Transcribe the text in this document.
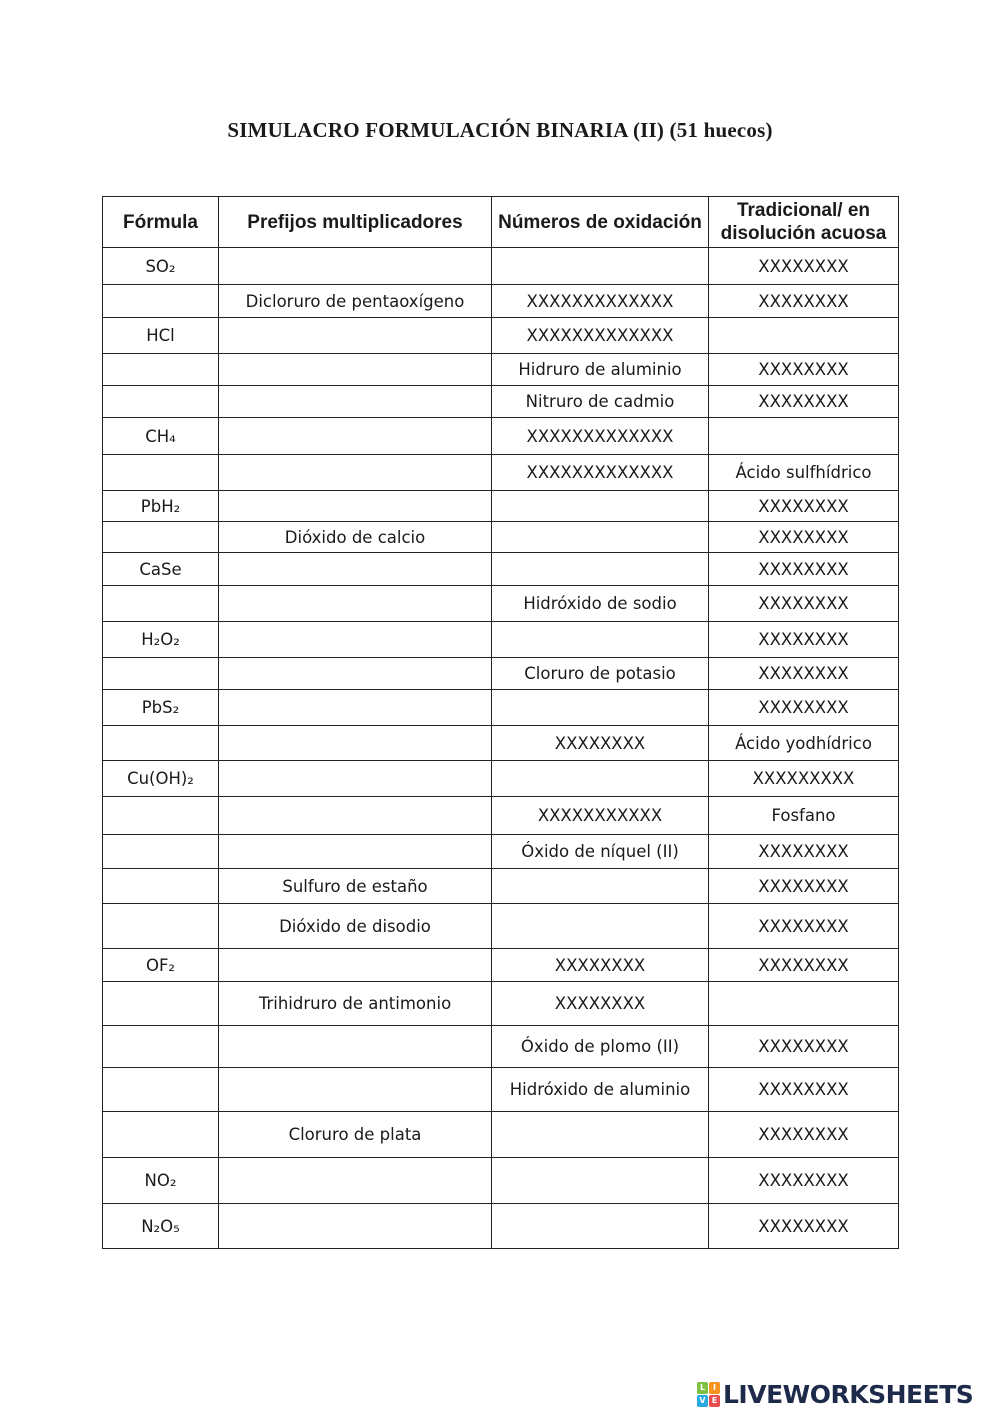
SIMULACRO FORMULACIÓN BINARIA (II) (51 huecos)
Fórmula	Prefijos multiplicadores	Números de oxidación	Tradicional/ en disolución acuosa
SO₂			XXXXXXXX
	Dicloruro de pentaoxígeno	XXXXXXXXXXXXX	XXXXXXXX
HCl		XXXXXXXXXXXXX	
		Hidruro de aluminio	XXXXXXXX
		Nitruro de cadmio	XXXXXXXX
CH₄		XXXXXXXXXXXXX	
		XXXXXXXXXXXXX	Ácido sulfhídrico
PbH₂			XXXXXXXX
	Dióxido de calcio		XXXXXXXX
CaSe			XXXXXXXX
		Hidróxido de sodio	XXXXXXXX
H₂O₂			XXXXXXXX
		Cloruro de potasio	XXXXXXXX
PbS₂			XXXXXXXX
		XXXXXXXX	Ácido yodhídrico
Cu(OH)₂			XXXXXXXXX
		XXXXXXXXXXX	Fosfano
		Óxido de níquel (II)	XXXXXXXX
	Sulfuro de estaño		XXXXXXXX
	Dióxido de disodio		XXXXXXXX
OF₂		XXXXXXXX	XXXXXXXX
	Trihidruro de antimonio	XXXXXXXX	
		Óxido de plomo (II)	XXXXXXXX
		Hidróxido de aluminio	XXXXXXXX
	Cloruro de plata		XXXXXXXX
NO₂			XXXXXXXX
N₂O₅			XXXXXXXX
L I
V E LIVEWORKSHEETS
